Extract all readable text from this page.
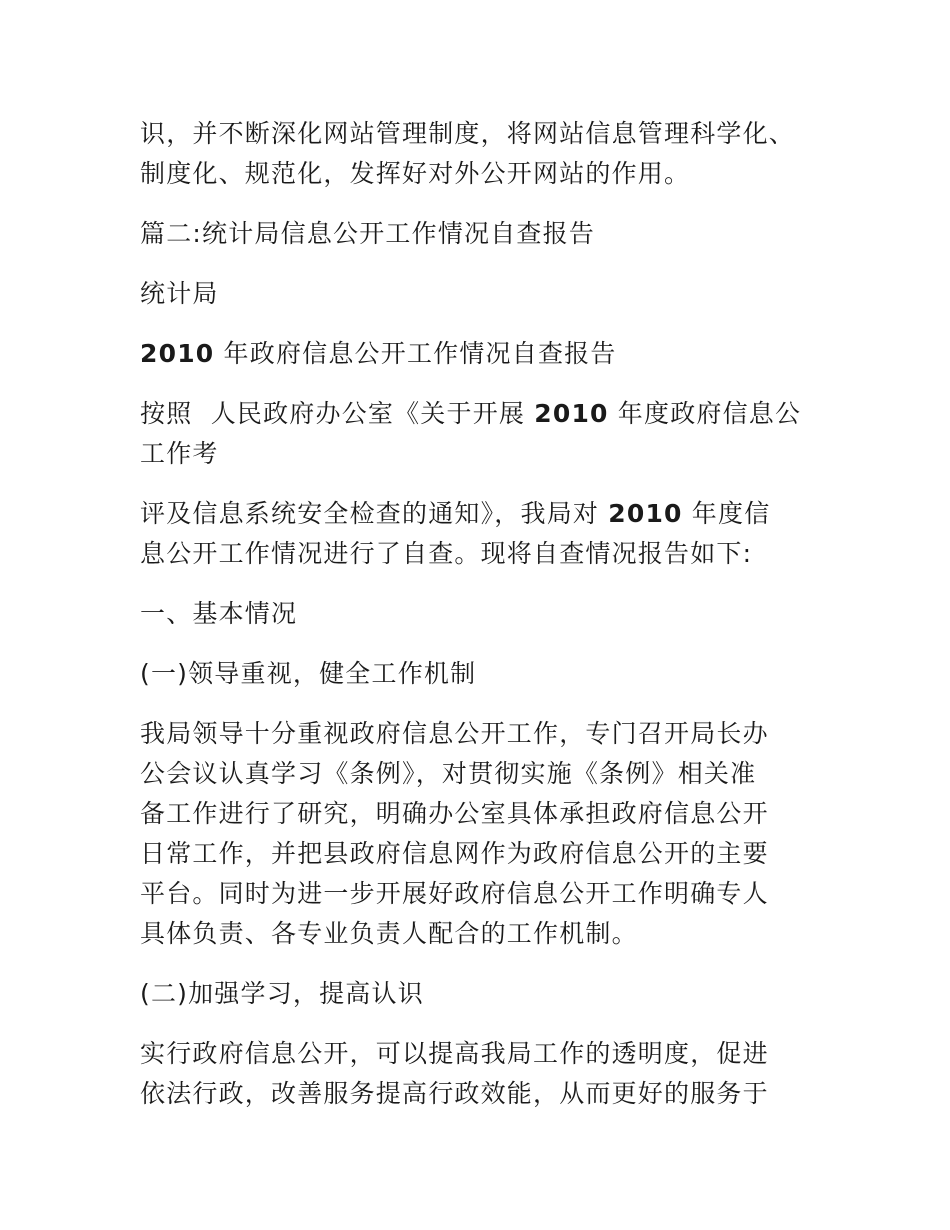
识，并不断深化网站管理制度，将网站信息管理科学化、
制度化、规范化，发挥好对外公开网站的作用。

篇二:统计局信息公开工作情况自查报告

统计局

2010 年政府信息公开工作情况自查报告

按照  人民政府办公室《关于开展 2010 年度政府信息公
工作考

评及信息系统安全检查的通知》，我局对 2010 年度信
息公开工作情况进行了自查。现将自查情况报告如下:

一、基本情况

(一)领导重视，健全工作机制

我局领导十分重视政府信息公开工作，专门召开局长办
公会议认真学习《条例》，对贯彻实施《条例》相关准
备工作进行了研究，明确办公室具体承担政府信息公开
日常工作，并把县政府信息网作为政府信息公开的主要
平台。同时为进一步开展好政府信息公开工作明确专人
具体负责、各专业负责人配合的工作机制。

(二)加强学习，提高认识

实行政府信息公开，可以提高我局工作的透明度，促进
依法行政，改善服务提高行政效能，从而更好的服务于
